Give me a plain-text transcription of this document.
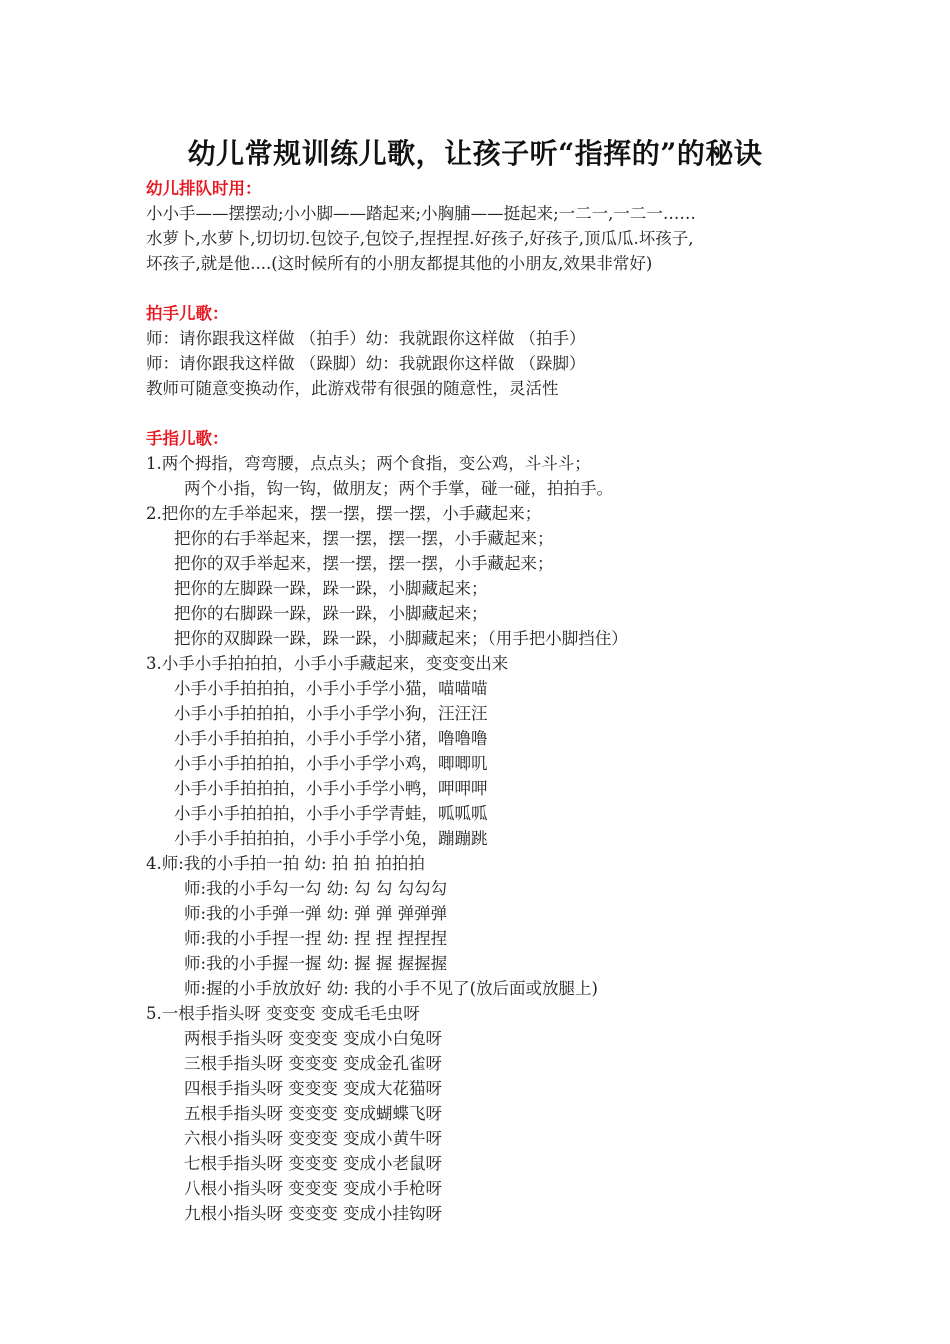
幼儿常规训练儿歌，让孩子听“指挥的”的秘诀
幼儿排队时用：
小小手——摆摆动;小小脚——踏起来;小胸脯——挺起来;一二一,一二一……
水萝卜,水萝卜,切切切.包饺子,包饺子,捏捏捏.好孩子,好孩子,顶瓜瓜.坏孩子,
坏孩子,就是他....(这时候所有的小朋友都提其他的小朋友,效果非常好)
拍手儿歌：
师：请你跟我这样做 （拍手）幼：我就跟你这样做 （拍手）
师：请你跟我这样做 （跺脚）幼：我就跟你这样做 （跺脚）
教师可随意变换动作，此游戏带有很强的随意性，灵活性
手指儿歌：
1.两个拇指，弯弯腰，点点头；两个食指，变公鸡，斗斗斗；
两个小指，钩一钩，做朋友；两个手掌，碰一碰，拍拍手。
2.把你的左手举起来，摆一摆，摆一摆，小手藏起来；
把你的右手举起来，摆一摆，摆一摆，小手藏起来；
把你的双手举起来，摆一摆，摆一摆，小手藏起来；
把你的左脚跺一跺，跺一跺，小脚藏起来；
把你的右脚跺一跺，跺一跺，小脚藏起来；
把你的双脚跺一跺，跺一跺，小脚藏起来；（用手把小脚挡住）
3.小手小手拍拍拍，小手小手藏起来，变变变出来
小手小手拍拍拍，小手小手学小猫，喵喵喵
小手小手拍拍拍，小手小手学小狗，汪汪汪
小手小手拍拍拍，小手小手学小猪，噜噜噜
小手小手拍拍拍，小手小手学小鸡，唧唧叽
小手小手拍拍拍，小手小手学小鸭，呷呷呷
小手小手拍拍拍，小手小手学青蛙，呱呱呱
小手小手拍拍拍，小手小手学小兔，蹦蹦跳
4.师:我的小手拍一拍 幼: 拍 拍 拍拍拍
师:我的小手勾一勾 幼: 勾 勾 勾勾勾
师:我的小手弹一弹 幼: 弹 弹 弹弹弹
师:我的小手捏一捏 幼: 捏 捏 捏捏捏
师:我的小手握一握 幼: 握 握 握握握
师:握的小手放放好 幼: 我的小手不见了(放后面或放腿上)
5.一根手指头呀 变变变 变成毛毛虫呀
两根手指头呀 变变变 变成小白兔呀
三根手指头呀 变变变 变成金孔雀呀
四根手指头呀 变变变 变成大花猫呀
五根手指头呀 变变变 变成蝴蝶飞呀
六根小指头呀 变变变 变成小黄牛呀
七根手指头呀 变变变 变成小老鼠呀
八根小指头呀 变变变 变成小手枪呀
九根小指头呀 变变变 变成小挂钩呀
